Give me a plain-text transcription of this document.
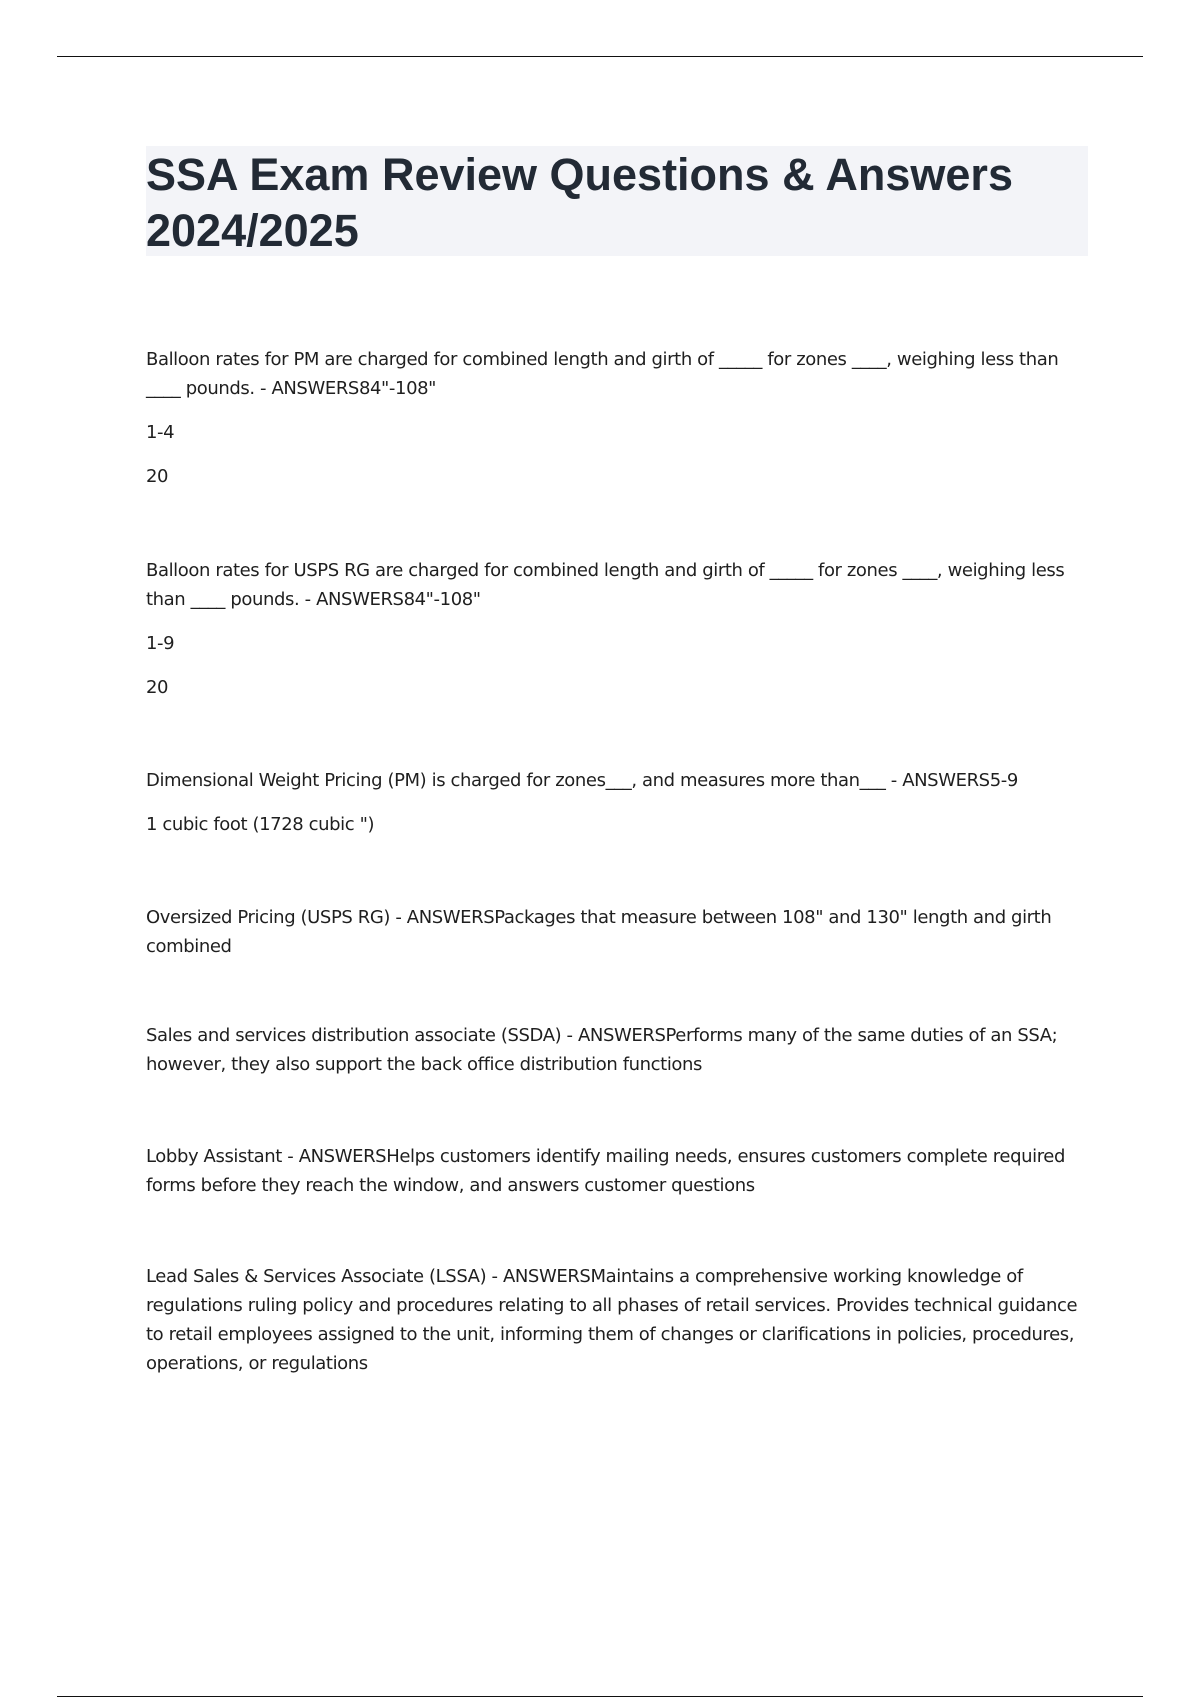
SSA Exam Review Questions & Answers 2024/2025

Balloon rates for PM are charged for combined length and girth of _____ for zones ____, weighing less than ____ pounds. - ANSWERS84"-108"

1-4

20

Balloon rates for USPS RG are charged for combined length and girth of _____ for zones ____, weighing less than ____ pounds. - ANSWERS84"-108"

1-9

20

Dimensional Weight Pricing (PM) is charged for zones___, and measures more than___ - ANSWERS5-9

1 cubic foot (1728 cubic ")

Oversized Pricing (USPS RG) - ANSWERSPackages that measure between 108" and 130" length and girth combined

Sales and services distribution associate (SSDA) - ANSWERSPerforms many of the same duties of an SSA; however, they also support the back office distribution functions

Lobby Assistant - ANSWERSHelps customers identify mailing needs, ensures customers complete required forms before they reach the window, and answers customer questions

Lead Sales & Services Associate (LSSA) - ANSWERSMaintains a comprehensive working knowledge of regulations ruling policy and procedures relating to all phases of retail services. Provides technical guidance to retail employees assigned to the unit, informing them of changes or clarifications in policies, procedures, operations, or regulations
